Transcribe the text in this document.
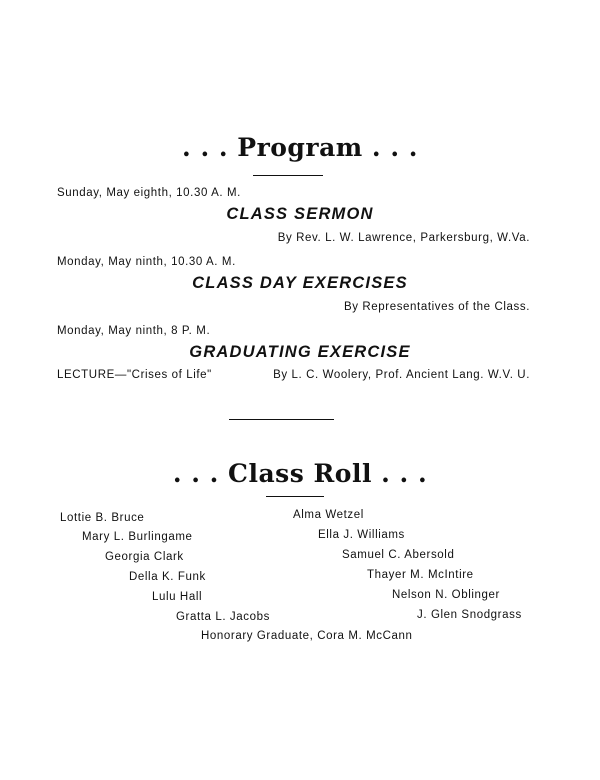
. . . Program . . .
Sunday, May eighth, 10.30 A. M.
CLASS SERMON
By Rev. L. W. Lawrence, Parkersburg, W.Va.
Monday, May ninth, 10.30 A. M.
CLASS DAY EXERCISES
By Representatives of the Class.
Monday, May ninth, 8 P. M.
GRADUATING EXERCISE
LECTURE—"Crises of Life"	By L. C. Woolery, Prof. Ancient Lang. W.V. U.
. . . Class Roll . . .
Lottie B. Bruce
Mary L. Burlingame
Georgia Clark
Della K. Funk
Lulu Hall
Gratta L. Jacobs
Alma Wetzel
Ella J. Williams
Samuel C. Abersold
Thayer M. McIntire
Nelson N. Oblinger
J. Glen Snodgrass
Honorary Graduate, Cora M. McCann
